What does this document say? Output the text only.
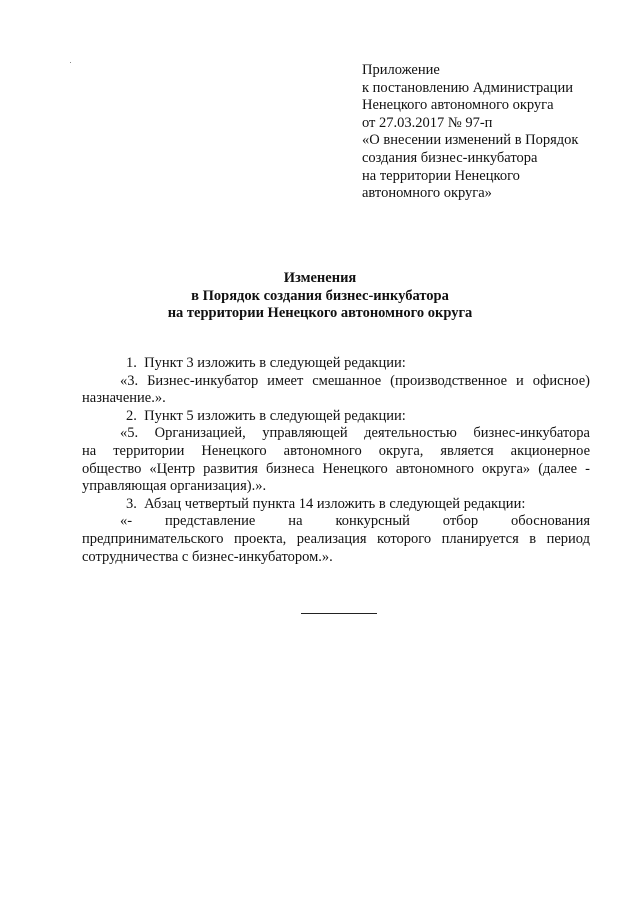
Приложение
к постановлению Администрации
Ненецкого автономного округа
от 27.03.2017 № 97-п
«О внесении изменений в Порядок
создания бизнес-инкубатора
на территории Ненецкого
автономного округа»
Изменения
в Порядок создания бизнес-инкубатора
на территории Ненецкого автономного округа
1.  Пункт 3 изложить в следующей редакции:
«3. Бизнес-инкубатор имеет смешанное (производственное и офисное)
назначение.».
2.  Пункт 5 изложить в следующей редакции:
«5. Организацией, управляющей деятельностью бизнес-инкубатора
на территории Ненецкого автономного округа, является акционерное
общество «Центр развития бизнеса Ненецкого автономного округа» (далее -
управляющая организация).».
3.  Абзац четвертый пункта 14 изложить в следующей редакции:
«- представление на конкурсный отбор обоснования
предпринимательского проекта, реализация которого планируется в период
сотрудничества с бизнес-инкубатором.».
